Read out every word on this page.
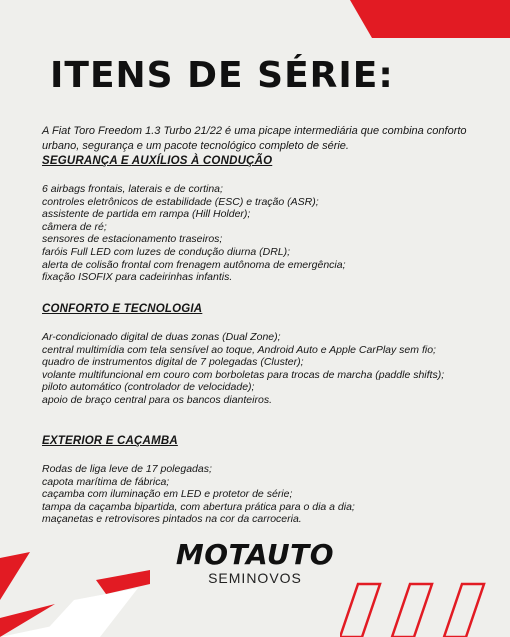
ITENS DE SÉRIE:

A Fiat Toro Freedom 1.3 Turbo 21/22 é uma picape intermediária que combina conforto urbano, segurança e um pacote tecnológico completo de série.

SEGURANÇA E AUXÍLIOS À CONDUÇÃO
6 airbags frontais, laterais e de cortina;
controles eletrônicos de estabilidade (ESC) e tração (ASR);
assistente de partida em rampa (Hill Holder);
câmera de ré;
sensores de estacionamento traseiros;
faróis Full LED com luzes de condução diurna (DRL);
alerta de colisão frontal com frenagem autônoma de emergência;
fixação ISOFIX para cadeirinhas infantis.
CONFORTO E TECNOLOGIA
Ar-condicionado digital de duas zonas (Dual Zone);
central multimídia com tela sensível ao toque, Android Auto e Apple CarPlay sem fio;
quadro de instrumentos digital de 7 polegadas (Cluster);
volante multifuncional em couro com borboletas para trocas de marcha (paddle shifts);
piloto automático (controlador de velocidade);
apoio de braço central para os bancos dianteiros.
EXTERIOR E CAÇAMBA
Rodas de liga leve de 17 polegadas;
capota marítima de fábrica;
caçamba com iluminação em LED e protetor de série;
tampa da caçamba bipartida, com abertura prática para o dia a dia;
maçanetas e retrovisores pintados na cor da carroceria.
MOTAUTO
SEMINOVOS
